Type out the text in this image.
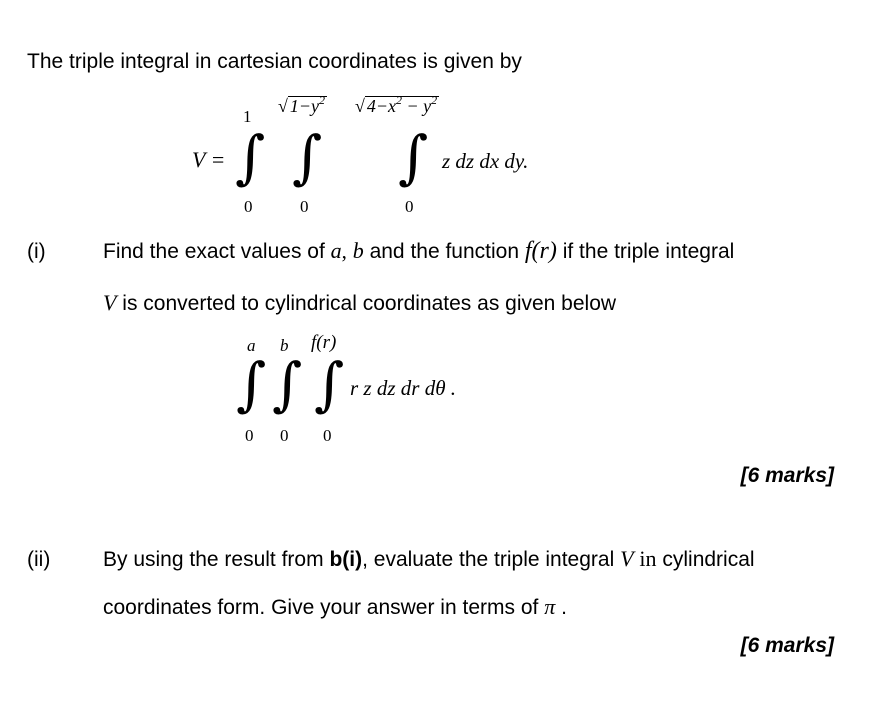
The triple integral in cartesian coordinates is given by
V =
1
∫
0
√ $1-y^2$
∫
0
√ $4-x^2 - y^2$
∫
0
z dz dx dy.
(i)	Find the exact values of a, b and the function f(r) if the triple integral
V is converted to cylindrical coordinates as given below
a b f(r)
∫ ∫ ∫
0 0 0
r z dz dr dθ .
[6 marks]
(ii)	By using the result from b(i), evaluate the triple integral V in cylindrical
coordinates form. Give your answer in terms of π .
[6 marks]
